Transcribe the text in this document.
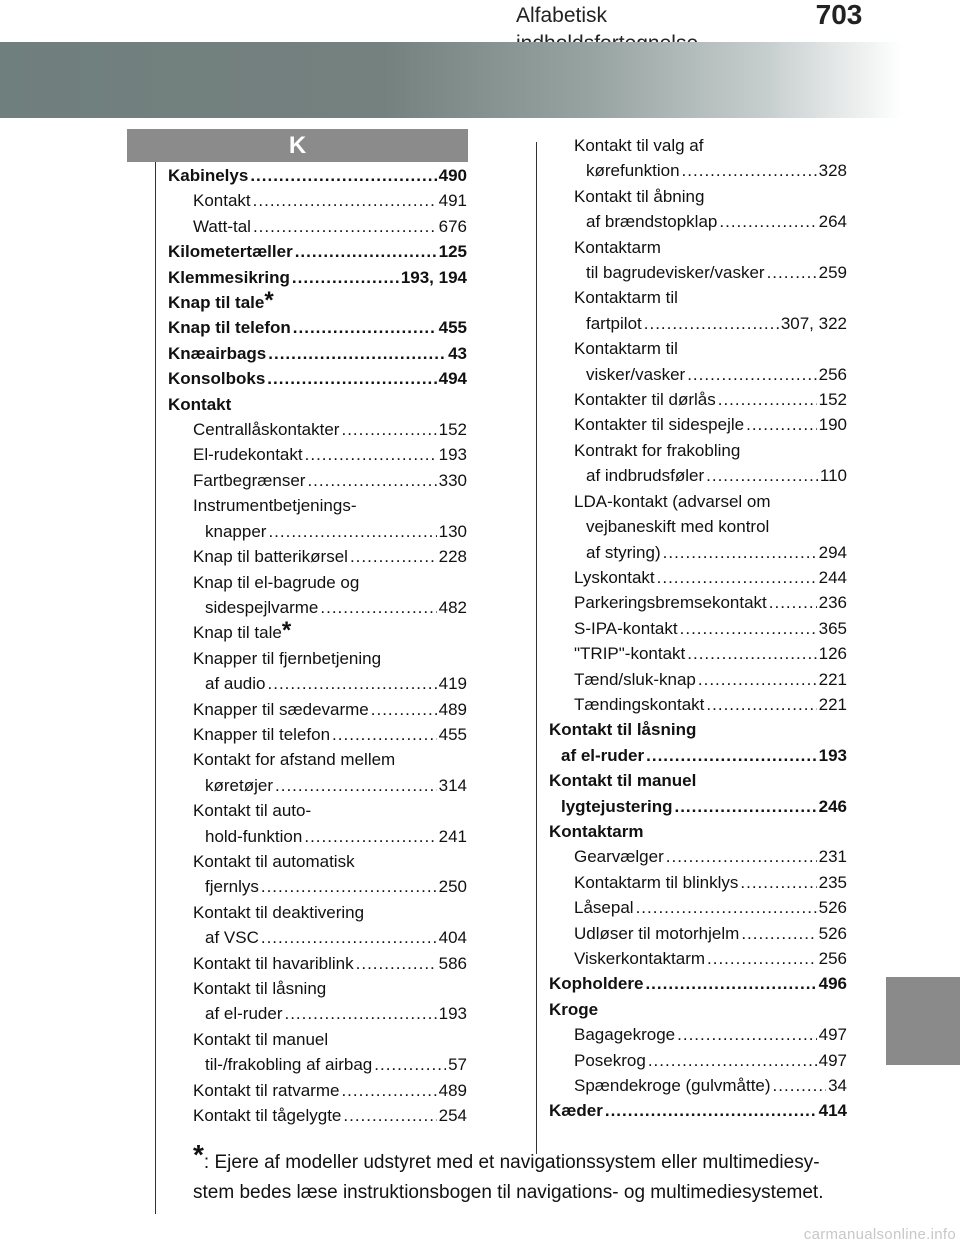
Alfabetisk	703
K
Kabinelys .....	490
Kontakt .....	491
Watt-tal .....	676
Kilometertæller .....	125
Klemmesikring .....	193, 194
Knap til tale *
Knap til telefon .....	455
Knæairbags .....	43
Konsolboks .....	494
Kontakt
Centrallåskontakter .....	152
El-rudekontakt .....	193
Fartbegrænser .....	330
Instrumentbetjenings-
knapper .....	130
Knap til batterikørsel .....	228
Knap til el-bagrude og
sidespejlvarme .....	482
Knap til tale *
Knapper til fjernbetjening
af audio .....	419
Knapper til sædevarme .....	489
Knapper til telefon .....	455
Kontakt for afstand mellem
køretøjer .....	314
Kontakt til auto-
hold-funktion .....	241
Kontakt til automatisk
fjernlys .....	250
Kontakt til deaktivering
af VSC .....	404
Kontakt til havariblink .....	586
Kontakt til låsning
af el-ruder .....	193
Kontakt til manuel
til-/frakobling af airbag .....	57
Kontakt til ratvarme .....	489
Kontakt til tågelygte .....	254
Kontakt til valg af
kørefunktion .....	328
Kontakt til åbning
af brændstopklap .....	264
Kontaktarm
til bagrudevisker/vasker .....	259
Kontaktarm til
fartpilot .....	307, 322
Kontaktarm til
visker/vasker .....	256
Kontakter til dørlås .....	152
Kontakter til sidespejle .....	190
Kontrakt for frakobling
af indbrudsføler .....	110
LDA-kontakt (advarsel om
vejbaneskift med kontrol
af styring) .....	294
Lyskontakt .....	244
Parkeringsbremsekontakt .....	236
S-IPA-kontakt .....	365
"TRIP"-kontakt .....	126
Tænd/sluk-knap .....	221
Tændingskontakt .....	221
Kontakt til låsning
af el-ruder .....	193
Kontakt til manuel
lygtejustering .....	246
Kontaktarm
Gearvælger .....	231
Kontaktarm til blinklys .....	235
Låsepal .....	526
Udløser til motorhjelm .....	526
Viskerkontaktarm .....	256
Kopholdere .....	496
Kroge
Bagagekroge .....	497
Posekrog .....	497
Spændekroge (gulvmåtte) .....	34
Kæder .....	414
*: Ejere af modeller udstyret med et navigationssystem eller multimediesy-stem bedes læse instruktionsbogen til navigations- og multimediesystemet.
carmanualsonline.info
